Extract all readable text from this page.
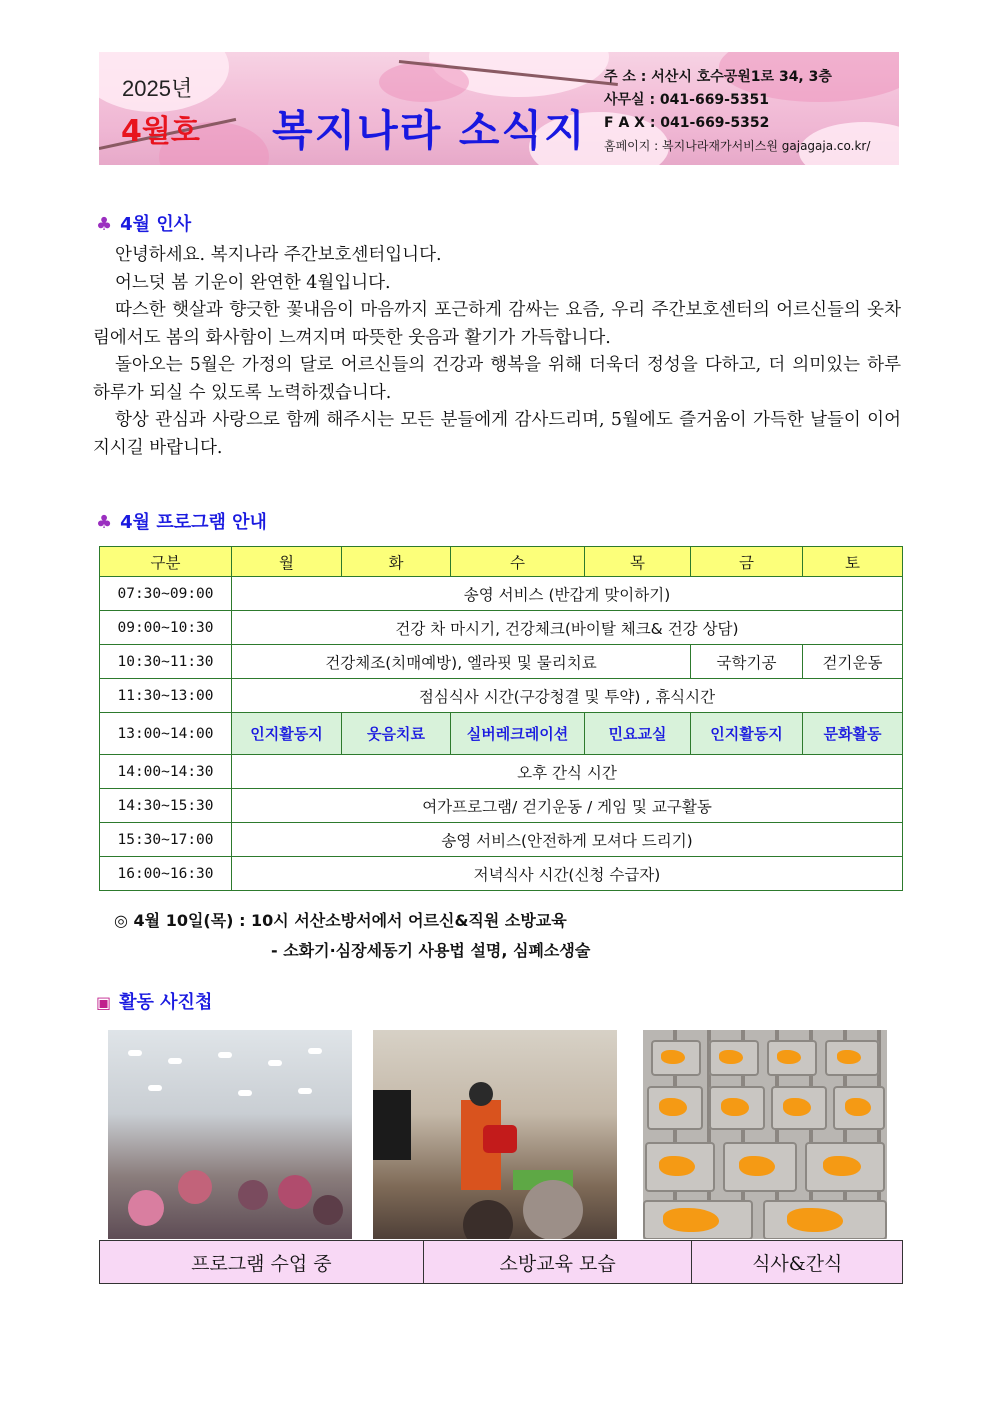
2025년
4월호 복지나라 소식지
주 소 : 서산시 호수공원1로 34, 3층
사무실 : 041-669-5351
F A X : 041-669-5352
홈페이지 : 복지나라재가서비스원 gajagaja.co.kr/
♣ 4월 인사

안녕하세요. 복지나라 주간보호센터입니다.

어느덧 봄 기운이 완연한 4월입니다.

따스한 햇살과 향긋한 꽃내음이 마음까지 포근하게 감싸는 요즘, 우리 주간보호센터의 어르신들의 옷차림에서도 봄의 화사함이 느껴지며 따뜻한 웃음과 활기가 가득합니다.

돌아오는 5월은 가정의 달로 어르신들의 건강과 행복을 위해 더욱더 정성을 다하고, 더 의미있는 하루 하루가 되실 수 있도록 노력하겠습니다.

항상 관심과 사랑으로 함께 해주시는 모든 분들에게 감사드리며, 5월에도 즐거움이 가득한 날들이 이어지시길 바랍니다.

♣ 4월 프로그램 안내
구분	월	화	수	목	금	토
07:30~09:00	송영 서비스 (반갑게 맞이하기)					
09:00~10:30	건강 차 마시기, 건강체크(바이탈 체크& 건강 상담)					
10:30~11:30	건강체조(치매예방), 엘라핏 및 물리치료				국학기공	걷기운동
11:30~13:00	점심식사 시간(구강청결 및 투약) , 휴식시간					
13:00~14:00	인지활동지	웃음치료	실버레크레이션	민요교실	인지활동지	문화활동
14:00~14:30	오후 간식 시간					
14:30~15:30	여가프로그램/ 걷기운동 / 게임 및 교구활동					
15:30~17:00	송영 서비스(안전하게 모셔다 드리기)					
16:00~16:30	저녁식사 시간(신청 수급자)					
◎ 4월 10일(목) : 10시 서산소방서에서 어르신&직원 소방교육
- 소화기·심장세동기 사용법 설명, 심폐소생술
▣ 활동 사진첩
프로그램 수업 중	소방교육 모습	식사&간식
